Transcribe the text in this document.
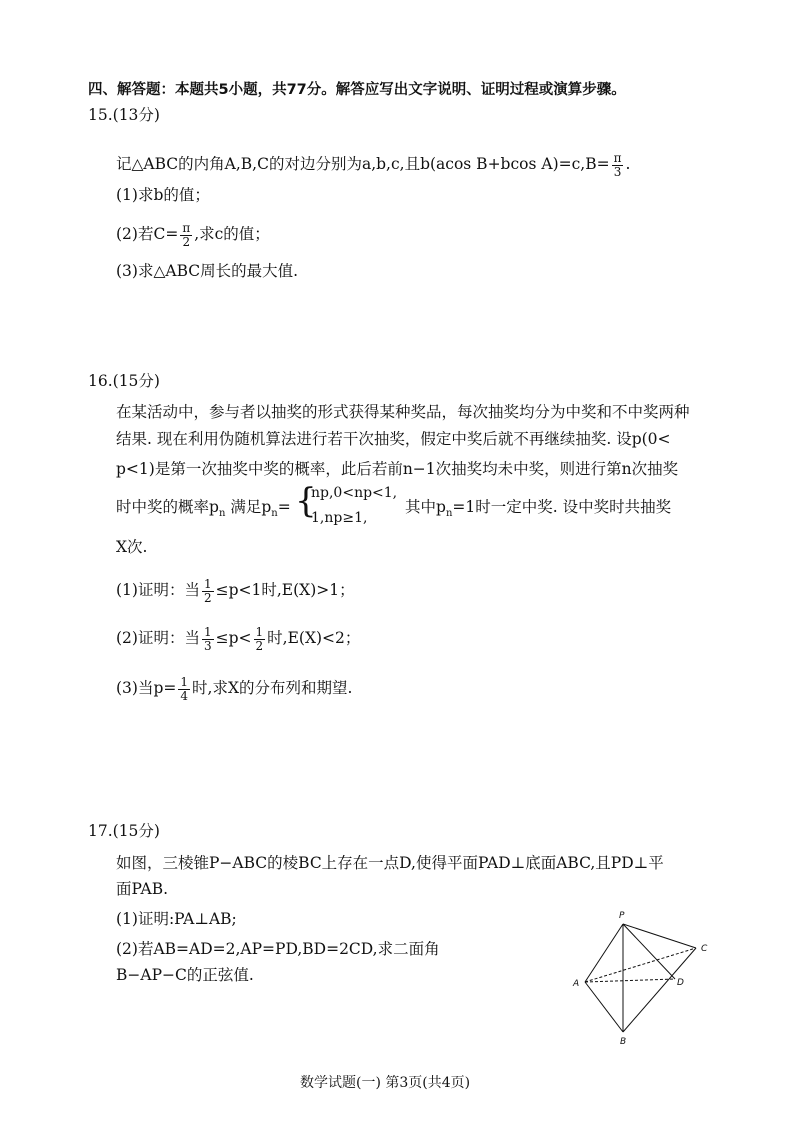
四、解答题：本题共5小题，共77分。解答应写出文字说明、证明过程或演算步骤。
15.(13分)
记△ABC的内角A,B,C的对边分别为a,b,c,且b(acos B+bcos $A)=c,B= \frac{\pi}{3}$ .
(1)求b的值；
(2)若$C= \frac{\pi}{2}$ ,求c的值；
(3)求△ABC周长的最大值.
16.(15分)
在某活动中，参与者以抽奖的形式获得某种奖品，每次抽奖均分为中奖和不中奖两种
结果. 现在利用伪随机算法进行若干次抽奖，假定中奖后就不再继续抽奖. 设p(0<
p<1)是第一次抽奖中奖的概率，此后若前n−1次抽奖均未中奖，则进行第n次抽奖
时中奖的概率$p_n$ 满足$p_n=$ {
np,0<np<1,
1,np≥1,
其中$p_n=1$时一定中奖. 设中奖时共抽奖
X次.
(1)证明：当 $\frac{1}{2} \le p<1$时,E(X)>1；
(2)证明：当 $\frac{1}{3} \le p< \frac{1}{2}$ 时,E(X)<2；
(3)当$p= \frac{1}{4}$ 时,求X的分布列和期望.
17.(15分)
如图，三棱锥P−ABC的棱BC上存在一点D,使得平面PAD⊥底面ABC,且PD⊥平
面PAB.
(1)证明:PA⊥AB;
(2)若AB=AD=2,AP=PD,BD=2CD,求二面角
B−AP−C的正弦值.
P
A
B
C
D
数学试题(一) 第3页(共4页)
